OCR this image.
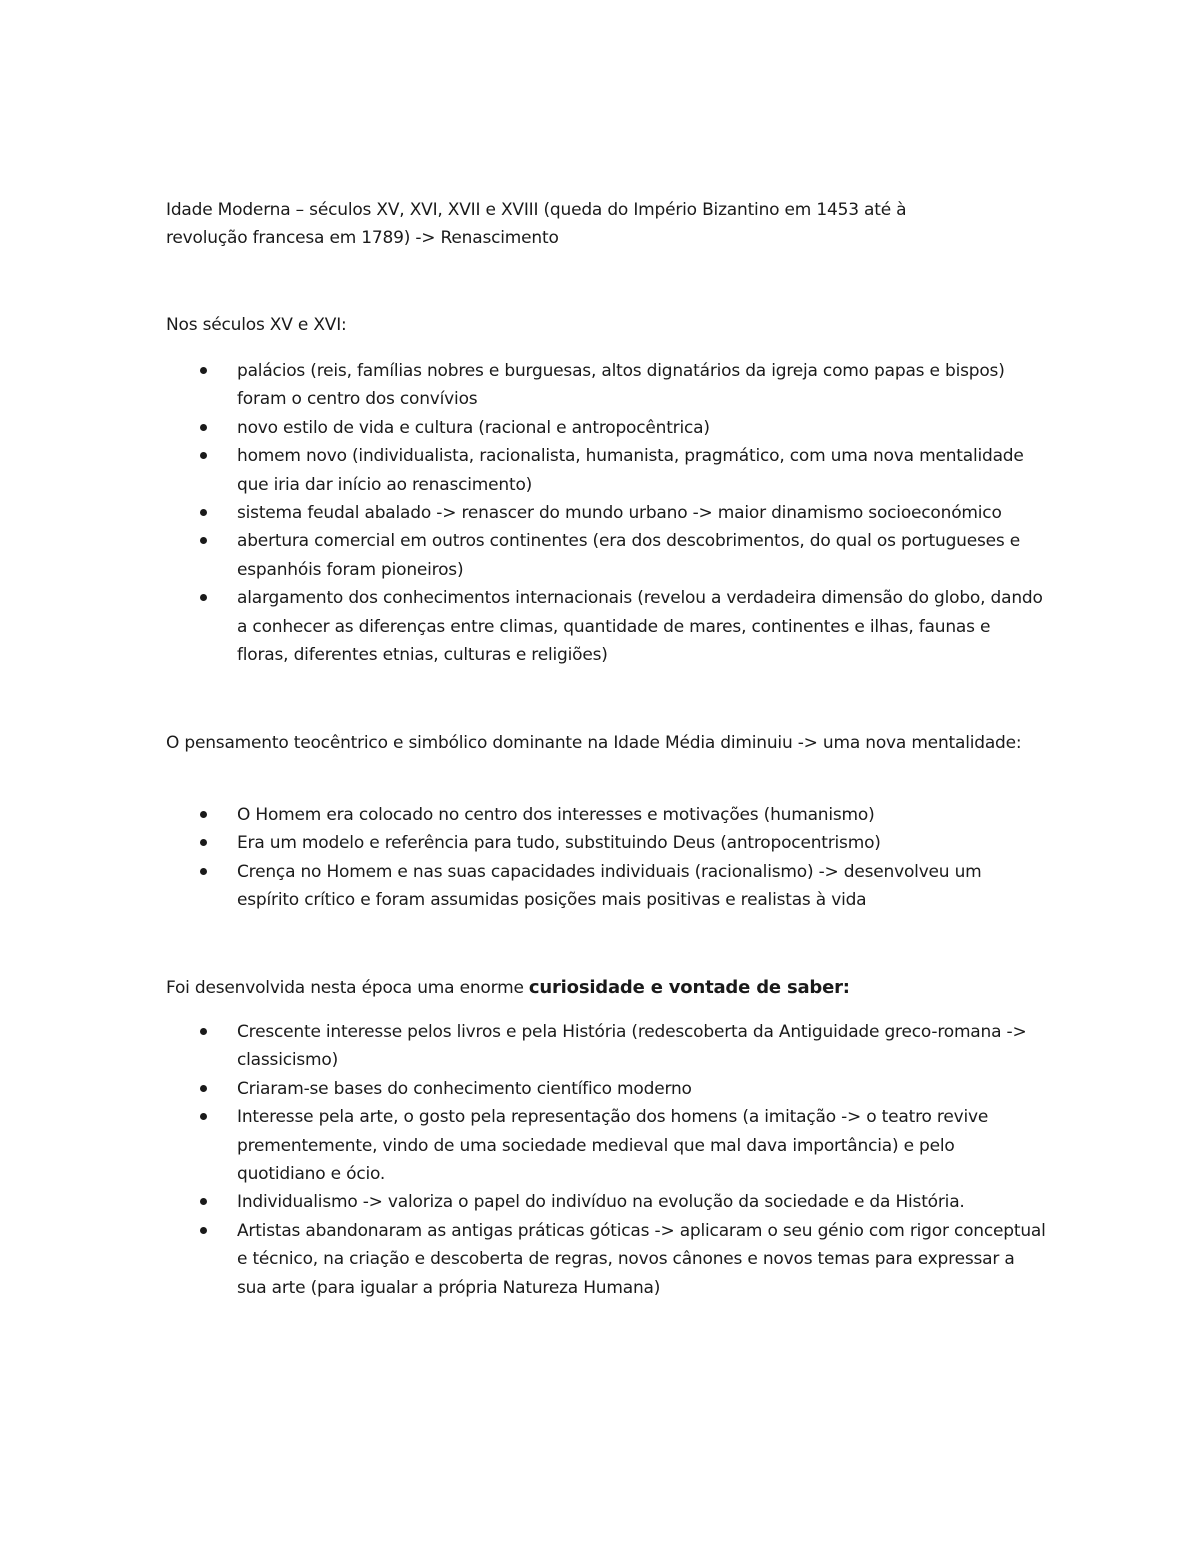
Idade Moderna – séculos XV, XVI, XVII e XVIII (queda do Império Bizantino em 1453 até à
revolução francesa em 1789) -> Renascimento

Nos séculos XV e XVI:

palácios (reis, famílias nobres e burguesas, altos dignatários da igreja como papas e bispos) foram o centro dos convívios
novo estilo de vida e cultura (racional e antropocêntrica)
homem novo (individualista, racionalista, humanista, pragmático, com uma nova mentalidade que iria dar início ao renascimento)
sistema feudal abalado -> renascer do mundo urbano -> maior dinamismo socioeconómico
abertura comercial em outros continentes (era dos descobrimentos, do qual os portugueses e espanhóis foram pioneiros)
alargamento dos conhecimentos internacionais (revelou a verdadeira dimensão do globo, dando a conhecer as diferenças entre climas, quantidade de mares, continentes e ilhas, faunas e floras, diferentes etnias, culturas e religiões)

O pensamento teocêntrico e simbólico dominante na Idade Média diminuiu -> uma nova mentalidade:

O Homem era colocado no centro dos interesses e motivações (humanismo)
Era um modelo e referência para tudo, substituindo Deus (antropocentrismo)
Crença no Homem e nas suas capacidades individuais (racionalismo) -> desenvolveu um espírito crítico e foram assumidas posições mais positivas e realistas à vida

Foi desenvolvida nesta época uma enorme curiosidade e vontade de saber:

Crescente interesse pelos livros e pela História (redescoberta da Antiguidade greco-romana -> classicismo)
Criaram-se bases do conhecimento científico moderno
Interesse pela arte, o gosto pela representação dos homens (a imitação -> o teatro revive prementemente, vindo de uma sociedade medieval que mal dava importância) e pelo quotidiano e ócio.
Individualismo -> valoriza o papel do indivíduo na evolução da sociedade e da História.
Artistas abandonaram as antigas práticas góticas -> aplicaram o seu génio com rigor conceptual e técnico, na criação e descoberta de regras, novos cânones e novos temas para expressar a sua arte (para igualar a própria Natureza Humana)
